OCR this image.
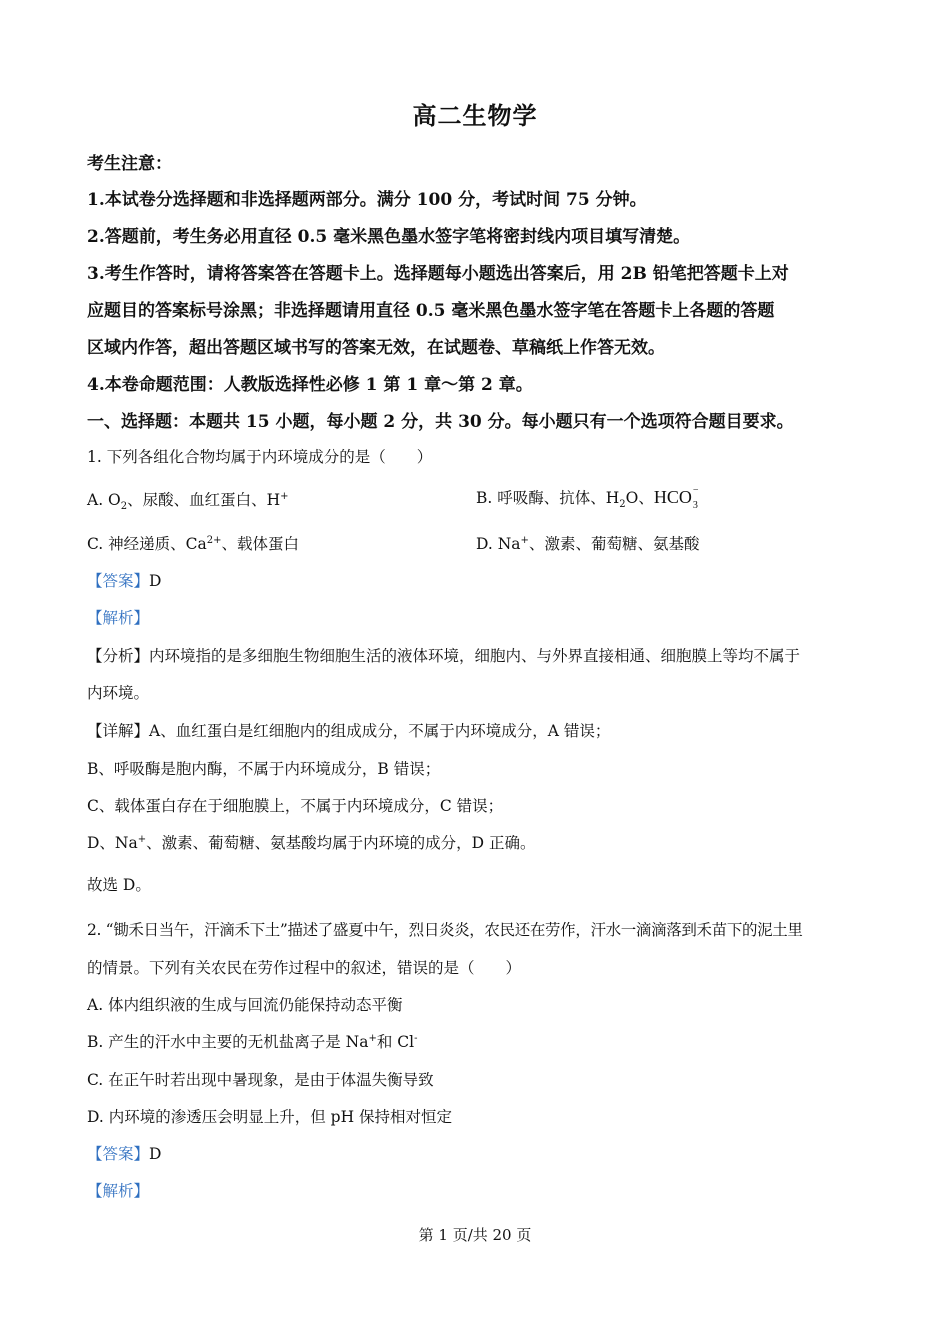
高二生物学
考生注意：
1.本试卷分选择题和非选择题两部分。满分 100 分，考试时间 75 分钟。
2.答题前，考生务必用直径 0.5 毫米黑色墨水签字笔将密封线内项目填写清楚。
3.考生作答时，请将答案答在答题卡上。选择题每小题选出答案后，用 2B 铅笔把答题卡上对
应题目的答案标号涂黑；非选择题请用直径 0.5 毫米黑色墨水签字笔在答题卡上各题的答题
区域内作答，超出答题区域书写的答案无效，在试题卷、草稿纸上作答无效。
4.本卷命题范围：人教版选择性必修 1 第 1 章～第 2 章。
一、选择题：本题共 15 小题，每小题 2 分，共 30 分。每小题只有一个选项符合题目要求。
1. 下列各组化合物均属于内环境成分的是（　　）
A. $O_2$、尿酸、血红蛋白、H+	B. 呼吸酶、抗体、$H_2O$、HCO −
3
C. 神经递质、$Ca^{2+}$、载体蛋白	D. Na+、激素、葡萄糖、氨基酸
【答案】D
【解析】
【分析】内环境指的是多细胞生物细胞生活的液体环境，细胞内、与外界直接相通、细胞膜上等均不属于
内环境。
【详解】A、血红蛋白是红细胞内的组成成分，不属于内环境成分，A 错误；
B、呼吸酶是胞内酶，不属于内环境成分，B 错误；
C、载体蛋白存在于细胞膜上，不属于内环境成分，C 错误；
D、Na+、激素、葡萄糖、氨基酸均属于内环境的成分，D 正确。
故选 D。
2. “锄禾日当午，汗滴禾下土”描述了盛夏中午，烈日炎炎，农民还在劳作，汗水一滴滴落到禾苗下的泥土里
的情景。下列有关农民在劳作过程中的叙述，错误的是（　　）
A. 体内组织液的生成与回流仍能保持动态平衡
B. 产生的汗水中主要的无机盐离子是 Na+和 Cl-
C. 在正午时若出现中暑现象，是由于体温失衡导致
D. 内环境的渗透压会明显上升，但 pH 保持相对恒定
【答案】D
【解析】
第 1 页/共 20 页
